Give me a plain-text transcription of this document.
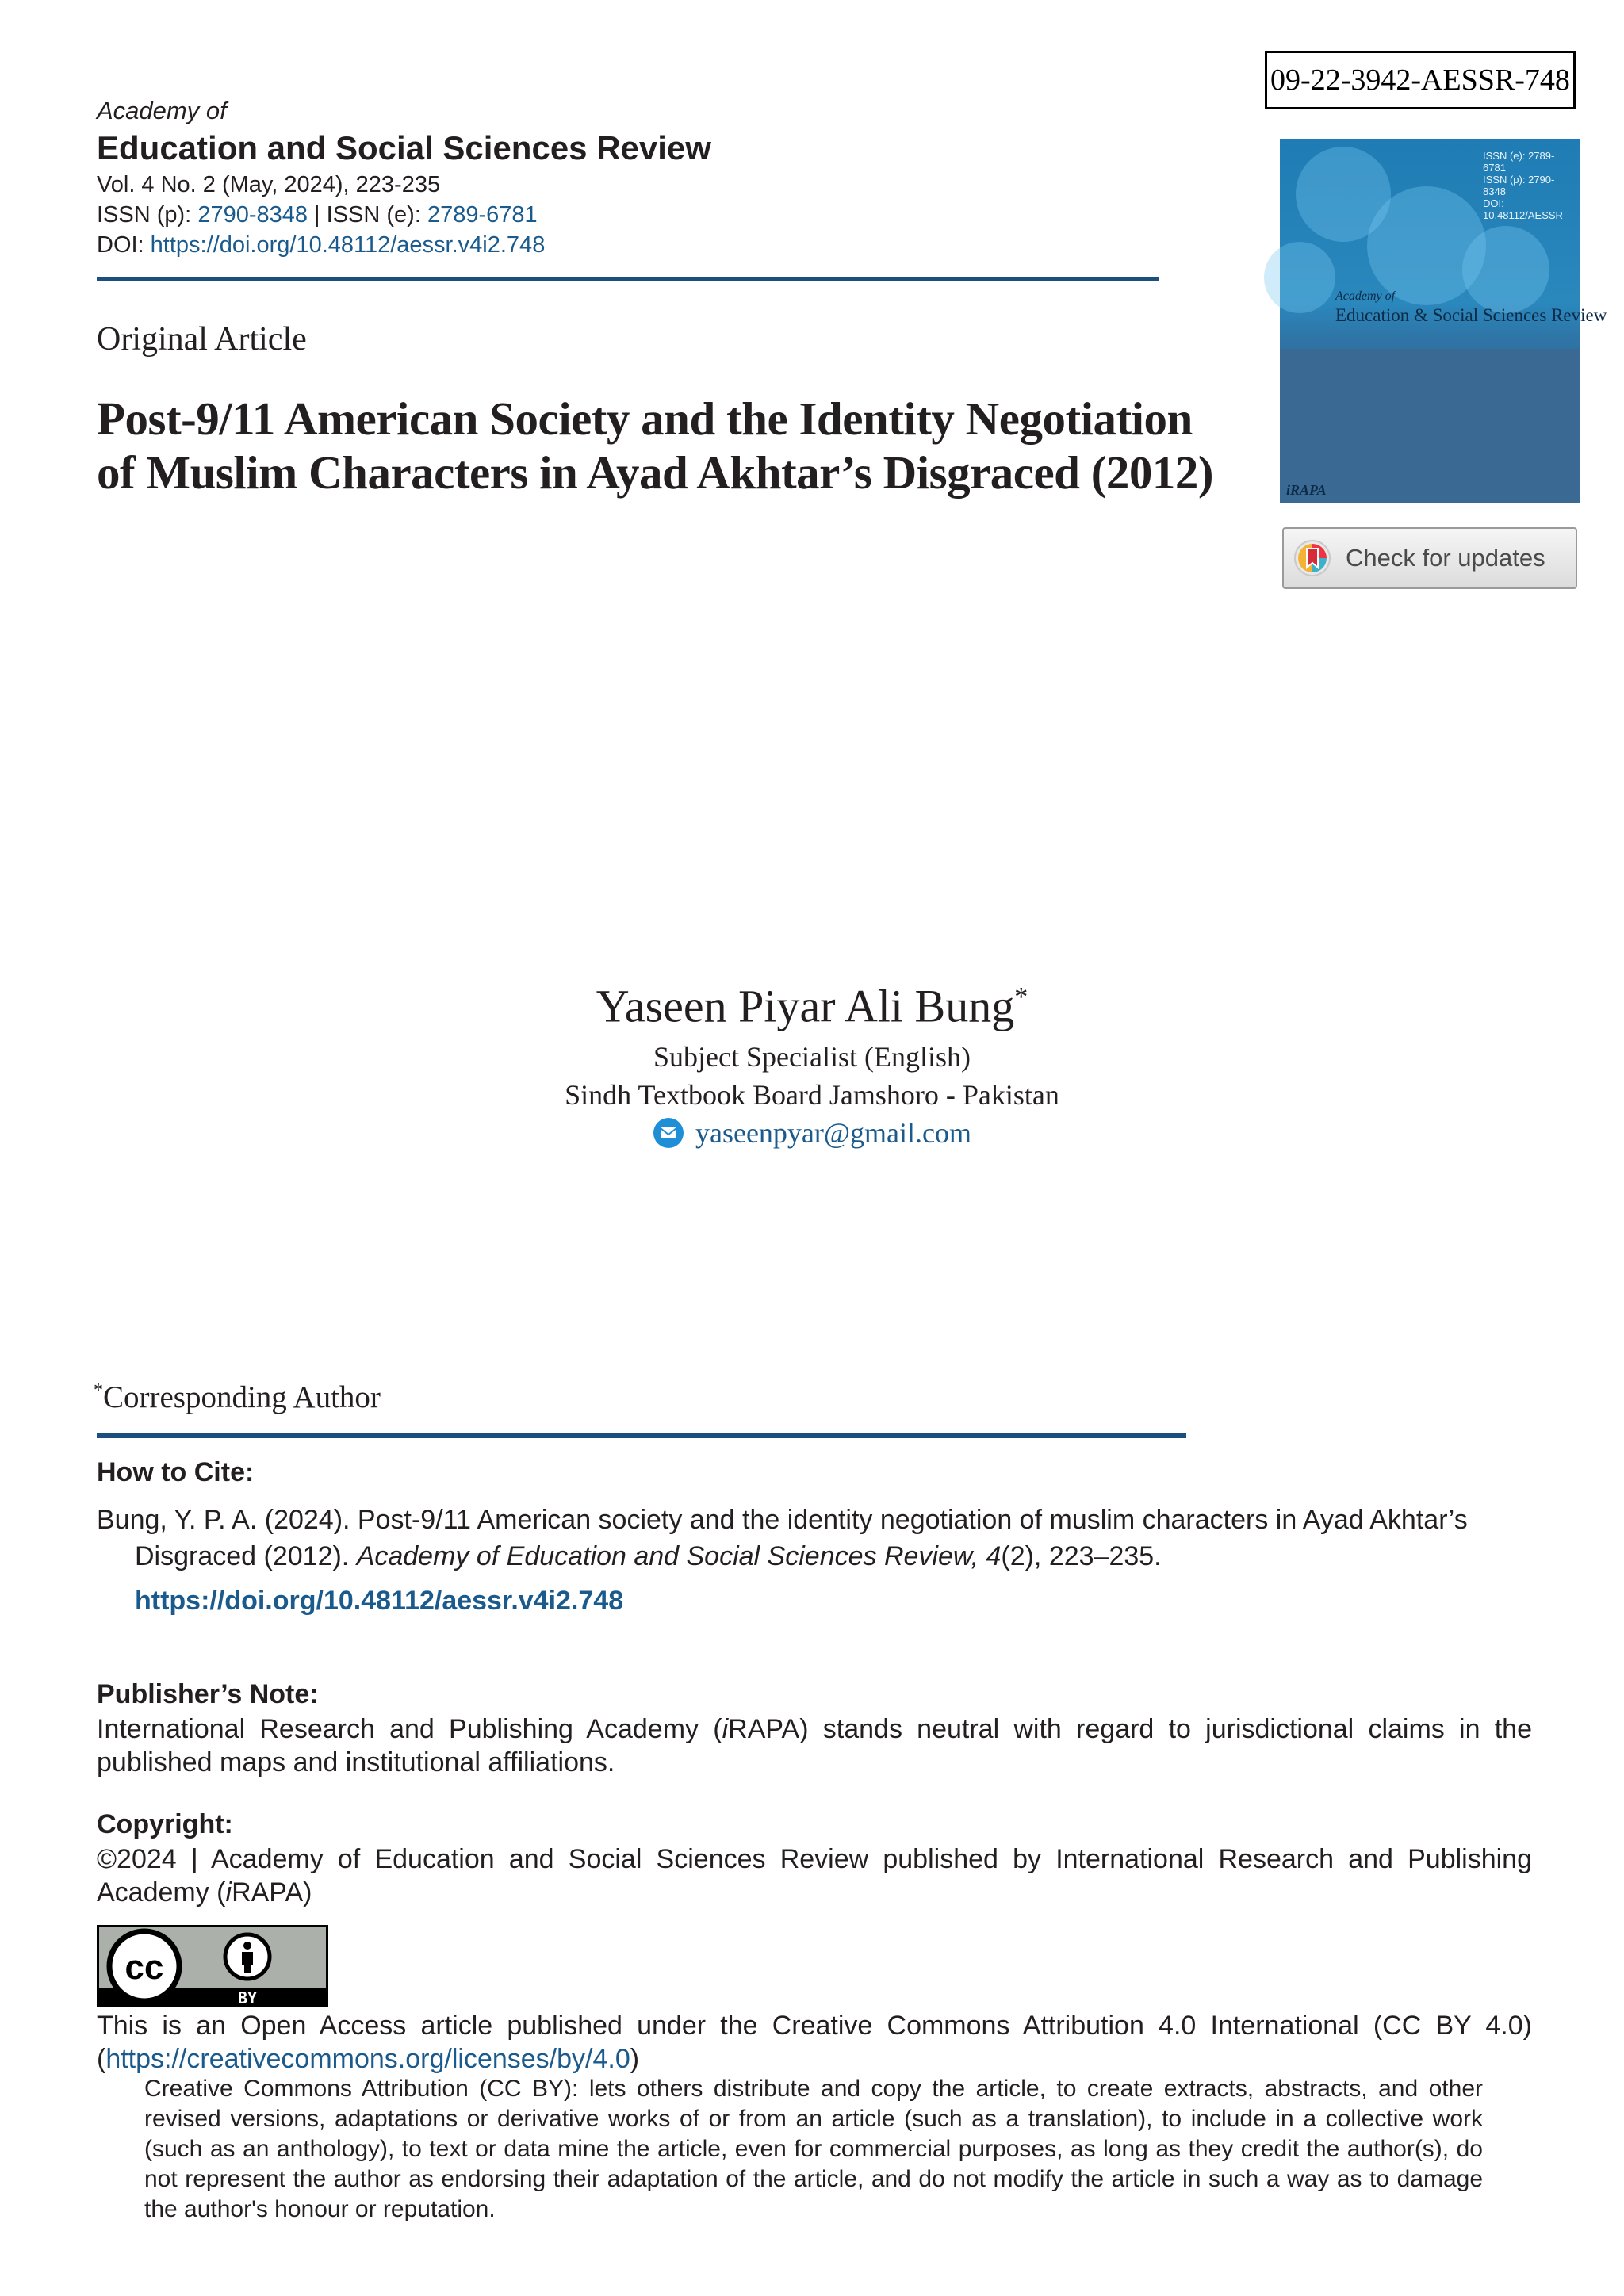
09-22-3942-AESSR-748
Academy of
Education and Social Sciences Review
Vol. 4 No. 2 (May, 2024), 223-235
ISSN (p): 2790-8348 | ISSN (e): 2789-6781
DOI: https://doi.org/10.48112/aessr.v4i2.748
ISSN (e): 2789-6781
ISSN (p): 2790-8348
DOI: 10.48112/AESSR
Academy of
Education & Social Sciences Review
iRAPA
Check for updates
Original Article
Post-9/11 American Society and the Identity Negotiation
of Muslim Characters in Ayad Akhtar’s Disgraced (2012)
Yaseen Piyar Ali Bung*
Subject Specialist (English)
Sindh Textbook Board Jamshoro - Pakistan
yaseenpyar@gmail.com
*Corresponding Author
How to Cite:
Bung, Y. P. A. (2024). Post-9/11 American society and the identity negotiation of muslim characters in Ayad Akhtar’s Disgraced (2012). Academy of Education and Social Sciences Review, 4(2), 223–235.
https://doi.org/10.48112/aessr.v4i2.748
Publisher’s Note:
International Research and Publishing Academy (iRAPA) stands neutral with regard to jurisdictional claims in the published maps and institutional affiliations.
Copyright:
©2024 | Academy of Education and Social Sciences Review published by International Research and Publishing Academy (iRAPA)
cc
BY
This is an Open Access article published under the Creative Commons Attribution 4.0 International (CC BY 4.0) (https://creativecommons.org/licenses/by/4.0)
Creative Commons Attribution (CC BY): lets others distribute and copy the article, to create extracts, abstracts, and other revised versions, adaptations or derivative works of or from an article (such as a translation), to include in a collective work (such as an anthology), to text or data mine the article, even for commercial purposes, as long as they credit the author(s), do not represent the author as endorsing their adaptation of the article, and do not modify the article in such a way as to damage the author's honour or reputation.
